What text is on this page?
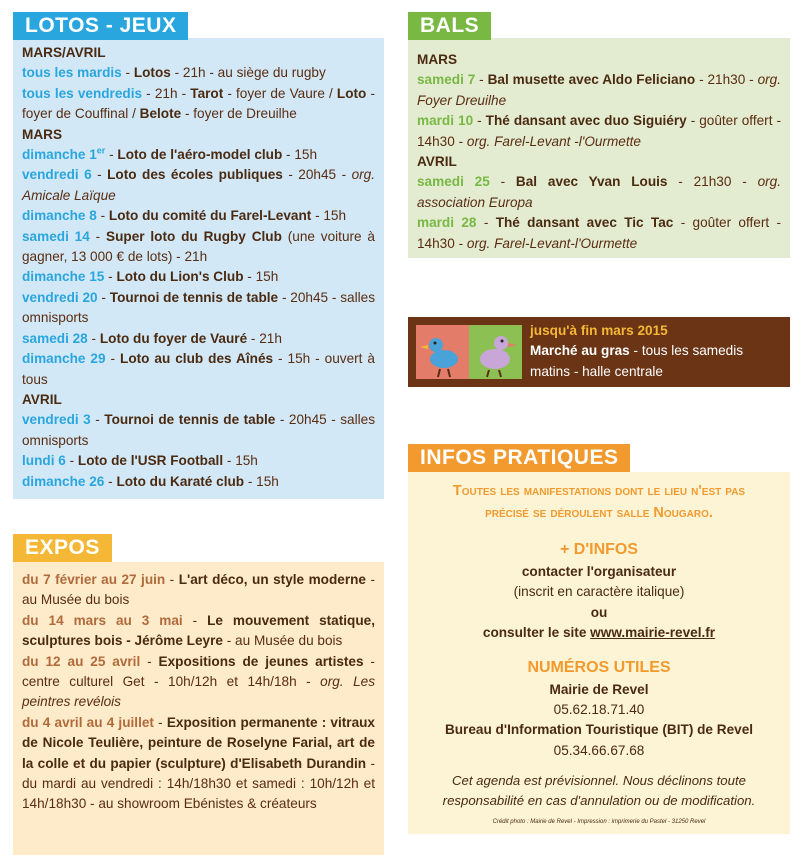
LOTOS - JEUX
MARS/AVRIL
tous les mardis - Lotos - 21h - au siège du rugby
tous les vendredis - 21h - Tarot - foyer de Vaure / Loto - foyer de Couffinal / Belote - foyer de Dreuilhe
MARS
dimanche 1er - Loto de l'aéro-model club - 15h
vendredi 6 - Loto des écoles publiques - 20h45 - org. Amicale Laïque
dimanche 8 - Loto du comité du Farel-Levant - 15h
samedi 14 - Super loto du Rugby Club (une voiture à gagner, 13 000 € de lots) - 21h
dimanche 15 - Loto du Lion's Club - 15h
vendredi 20 - Tournoi de tennis de table - 20h45 - salles omnisports
samedi 28 - Loto du foyer de Vauré - 21h
dimanche 29 - Loto au club des Aînés - 15h - ouvert à tous
AVRIL
vendredi 3 - Tournoi de tennis de table - 20h45 - salles omnisports
lundi 6 - Loto de l'USR Football - 15h
dimanche 26 - Loto du Karaté club - 15h
BALS
MARS
samedi 7 - Bal musette avec Aldo Feliciano - 21h30 - org. Foyer Dreuilhe
mardi 10 - Thé dansant avec duo Siguiéry - goûter offert - 14h30 - org. Farel-Levant -l'Ourmette
AVRIL
samedi 25 - Bal avec Yvan Louis - 21h30 - org. association Europa
mardi 28 - Thé dansant avec Tic Tac - goûter offert - 14h30 - org. Farel-Levant-l'Ourmette
jusqu'à fin mars 2015
Marché au gras - tous les samedis matins - halle centrale
INFOS PRATIQUES
Toutes les manifestations dont le lieu n'est pas précisé se déroulent salle Nougaro.
+ D'INFOS
contacter l'organisateur
(inscrit en caractère italique)
ou
consulter le site www.mairie-revel.fr
NUMÉROS UTILES
Mairie de Revel
05.62.18.71.40
Bureau d'Information Touristique (BIT) de Revel
05.34.66.67.68
Cet agenda est prévisionnel. Nous déclinons toute responsabilité en cas d'annulation ou de modification.
Crédit photo : Mairie de Revel - Impression : imprimerie du Pastel - 31250 Revel
EXPOS
du 7 février au 27 juin - L'art déco, un style moderne - au Musée du bois
du 14 mars au 3 mai - Le mouvement statique, sculptures bois - Jérôme Leyre - au Musée du bois
du 12 au 25 avril - Expositions de jeunes artistes - centre culturel Get - 10h/12h et 14h/18h - org. Les peintres revélois
du 4 avril au 4 juillet - Exposition permanente : vitraux de Nicole Teulière, peinture de Roselyne Farial, art de la colle et du papier (sculpture) d'Elisabeth Durandin - du mardi au vendredi : 14h/18h30 et samedi : 10h/12h et 14h/18h30 - au showroom Ebénistes & créateurs
